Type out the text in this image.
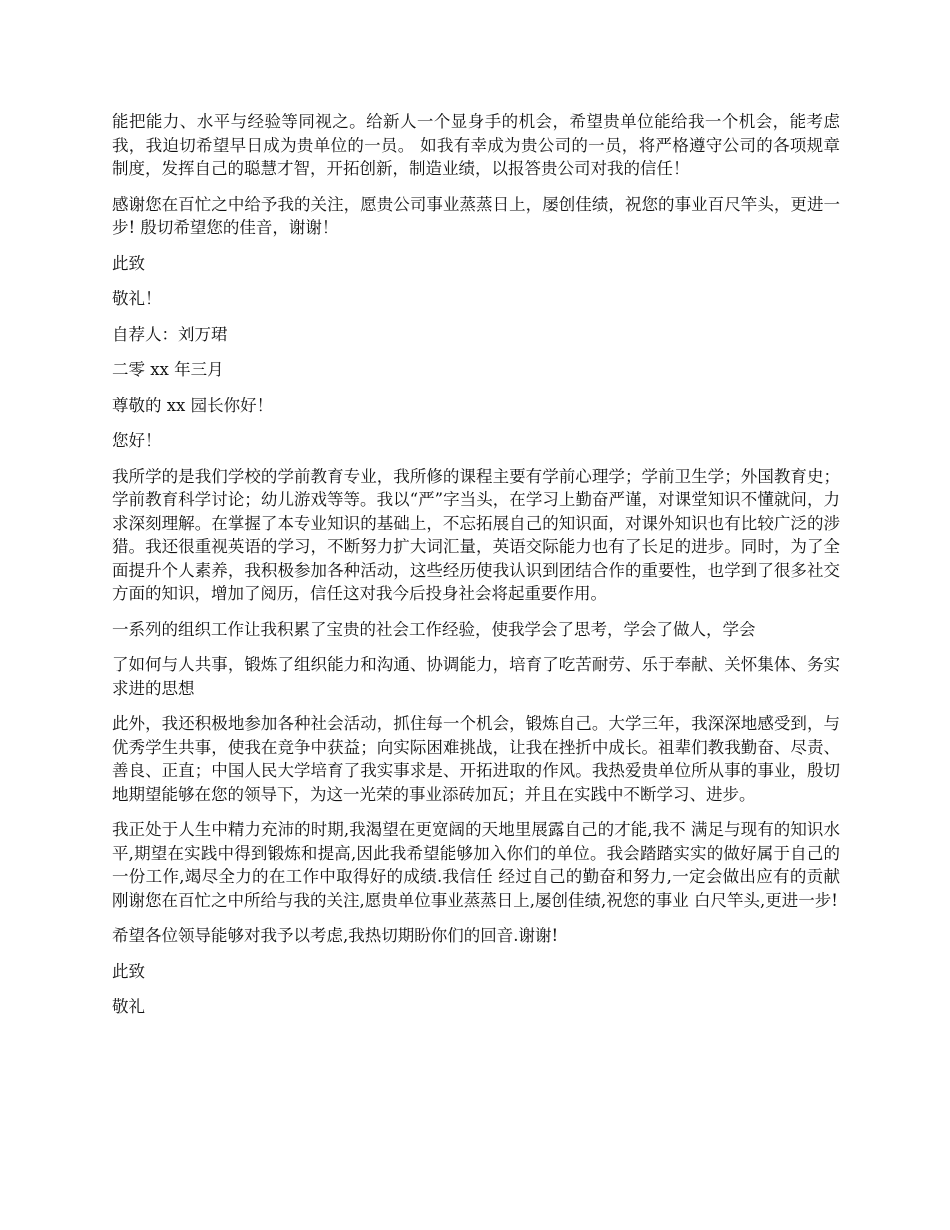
能把能力、水平与经验等同视之。给新人一个显身手的机会，希望贵单位能给我一个机会，能考虑我，我迫切希望早日成为贵单位的一员。 如我有幸成为贵公司的一员，将严格遵守公司的各项规章制度，发挥自己的聪慧才智，开拓创新，制造业绩，以报答贵公司对我的信任！

感谢您在百忙之中给予我的关注，愿贵公司事业蒸蒸日上，屡创佳绩，祝您的事业百尺竿头，更进一步! 殷切希望您的佳音，谢谢！

此致

敬礼！

自荐人：刘万珺

二零 xx 年三月

尊敬的 xx 园长你好！

您好！

我所学的是我们学校的学前教育专业，我所修的课程主要有学前心理学；学前卫生学；外国教育史；学前教育科学讨论；幼儿游戏等等。我以“严”字当头，在学习上勤奋严谨，对课堂知识不懂就问，力求深刻理解。在掌握了本专业知识的基础上，不忘拓展自己的知识面，对课外知识也有比较广泛的涉猎。我还很重视英语的学习，不断努力扩大词汇量，英语交际能力也有了长足的进步。同时，为了全面提升个人素养，我积极参加各种活动，这些经历使我认识到团结合作的重要性，也学到了很多社交方面的知识，增加了阅历，信任这对我今后投身社会将起重要作用。

一系列的组织工作让我积累了宝贵的社会工作经验，使我学会了思考，学会了做人，学会

了如何与人共事，锻炼了组织能力和沟通、协调能力，培育了吃苦耐劳、乐于奉献、关怀集体、务实求进的思想

此外，我还积极地参加各种社会活动，抓住每一个机会，锻炼自己。大学三年，我深深地感受到，与优秀学生共事，使我在竞争中获益；向实际困难挑战，让我在挫折中成长。祖辈们教我勤奋、尽责、善良、正直；中国人民大学培育了我实事求是、开拓进取的作风。我热爱贵单位所从事的事业，殷切地期望能够在您的领导下，为这一光荣的事业添砖加瓦；并且在实践中不断学习、进步。

我正处于人生中精力充沛的时期,我渴望在更宽阔的天地里展露自己的才能,我不 满足与现有的知识水平,期望在实践中得到锻炼和提高,因此我希望能够加入你们的单位。我会踏踏实实的做好属于自己的一份工作,竭尽全力的在工作中取得好的成绩.我信任 经过自己的勤奋和努力,一定会做出应有的贡献 刚谢您在百忙之中所给与我的关注,愿贵单位事业蒸蒸日上,屡创佳绩,祝您的事业 白尺竿头,更进一步!

希望各位领导能够对我予以考虑,我热切期盼你们的回音.谢谢!

此致

敬礼
